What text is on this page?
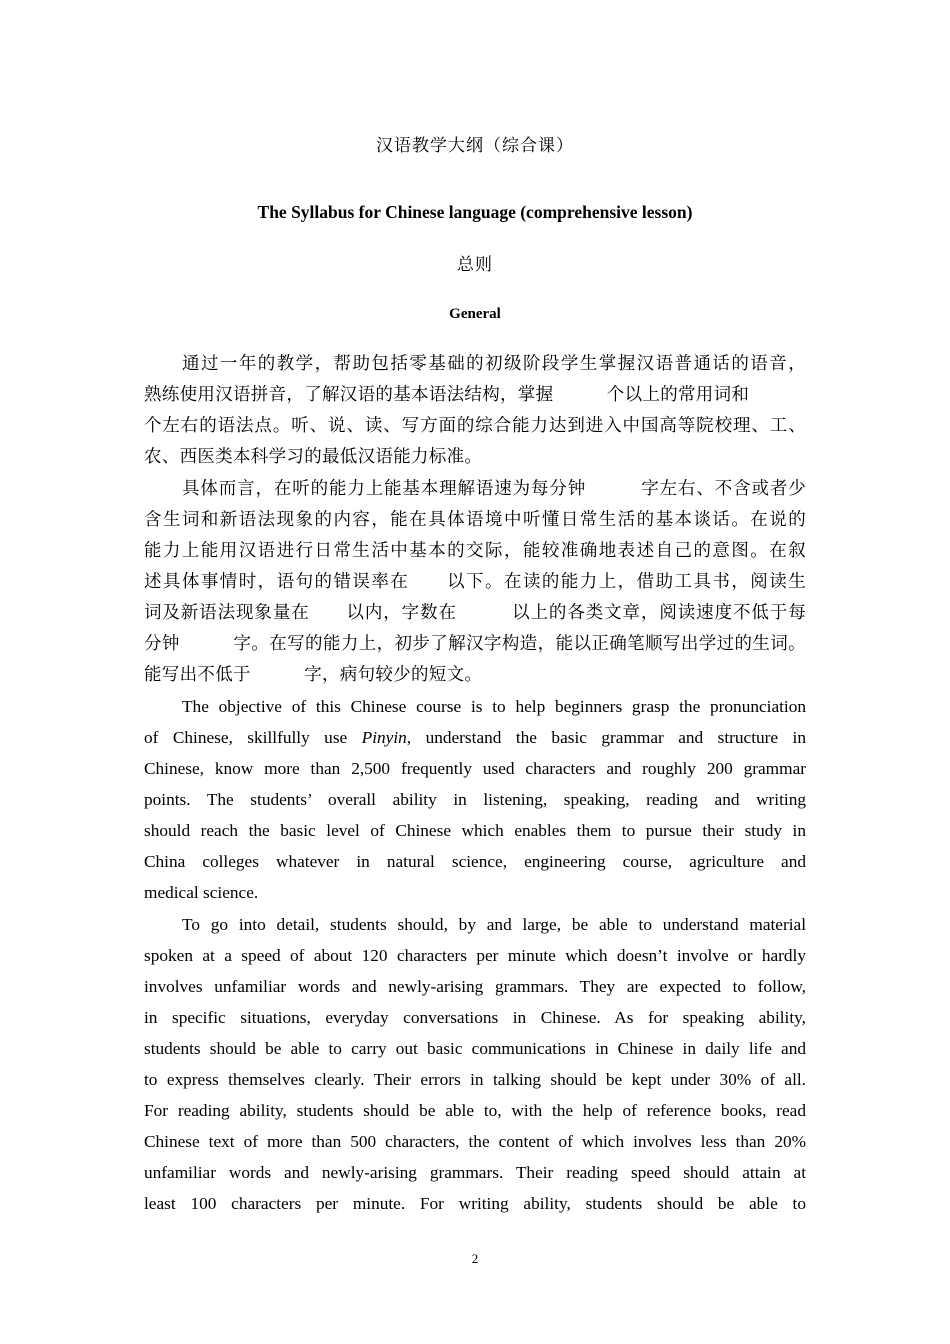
汉语教学大纲（综合课）
The Syllabus for Chinese language (comprehensive lesson)
总则
General
通过一年的教学，帮助包括零基础的初级阶段学生掌握汉语普通话的语音，
熟练使用汉语拼音，了解汉语的基本语法结构，掌握　　　个以上的常用词和
个左右的语法点。听、说、读、写方面的综合能力达到进入中国高等院校理、工、
农、西医类本科学习的最低汉语能力标准。
具体而言，在听的能力上能基本理解语速为每分钟　　　字左右、不含或者少
含生词和新语法现象的内容，能在具体语境中听懂日常生活的基本谈话。在说的
能力上能用汉语进行日常生活中基本的交际，能较准确地表述自己的意图。在叙
述具体事情时，语句的错误率在　　以下。在读的能力上，借助工具书，阅读生
词及新语法现象量在　　以内，字数在　　　以上的各类文章，阅读速度不低于每
分钟　　　字。在写的能力上，初步了解汉字构造，能以正确笔顺写出学过的生词。
能写出不低于　　　字，病句较少的短文。
The objective of this Chinese course is to help beginners grasp the pronunciation
of Chinese, skillfully use Pinyin, understand the basic grammar and structure in
Chinese, know more than 2,500 frequently used characters and roughly 200 grammar
points. The students’ overall ability in listening, speaking, reading and writing
should reach the basic level of Chinese which enables them to pursue their study in
China colleges whatever in natural science, engineering course, agriculture and
medical science.
To go into detail, students should, by and large, be able to understand material
spoken at a speed of about 120 characters per minute which doesn’t involve or hardly
involves unfamiliar words and newly-arising grammars. They are expected to follow,
in specific situations, everyday conversations in Chinese. As for speaking ability,
students should be able to carry out basic communications in Chinese in daily life and
to express themselves clearly. Their errors in talking should be kept under 30% of all.
For reading ability, students should be able to, with the help of reference books, read
Chinese text of more than 500 characters, the content of which involves less than 20%
unfamiliar words and newly-arising grammars. Their reading speed should attain at
least 100 characters per minute. For writing ability, students should be able to
2
